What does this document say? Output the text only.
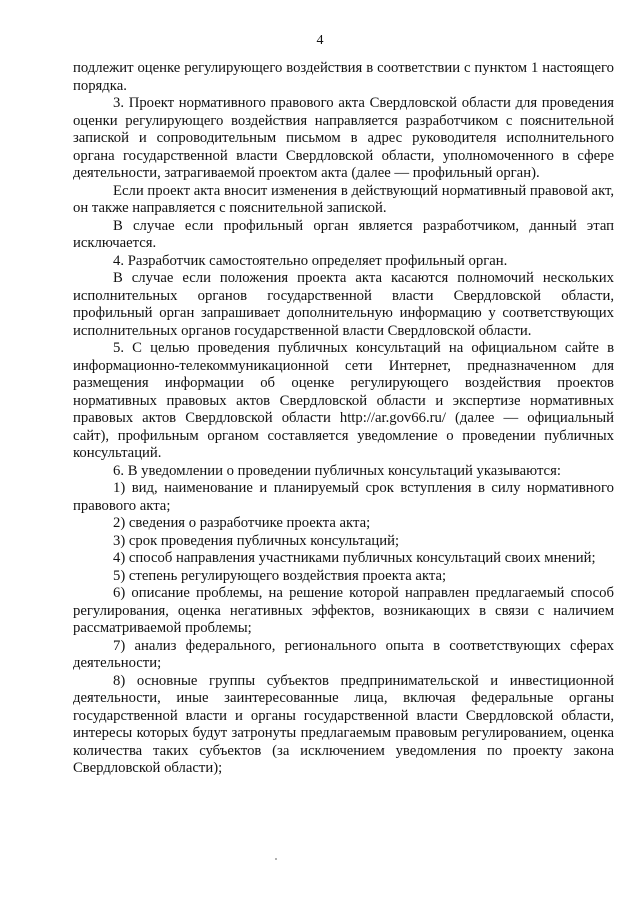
4

подлежит оценке регулирующего воздействия в соответствии с пунктом 1 настоящего порядка.

3. Проект нормативного правового акта Свердловской области для проведения оценки регулирующего воздействия направляется разработчиком с пояснительной запиской и сопроводительным письмом в адрес руководителя исполнительного органа государственной власти Свердловской области, уполномоченного в сфере деятельности, затрагиваемой проектом акта (далее — профильный орган).

Если проект акта вносит изменения в действующий нормативный правовой акт, он также направляется с пояснительной запиской.

В случае если профильный орган является разработчиком, данный этап исключается.

4. Разработчик самостоятельно определяет профильный орган.

В случае если положения проекта акта касаются полномочий нескольких исполнительных органов государственной власти Свердловской области, профильный орган запрашивает дополнительную информацию у соответствующих исполнительных органов государственной власти Свердловской области.

5. С целью проведения публичных консультаций на официальном сайте в информационно-телекоммуникационной сети Интернет, предназначенном для размещения информации об оценке регулирующего воздействия проектов нормативных правовых актов Свердловской области и экспертизе нормативных правовых актов Свердловской области http://ar.gov66.ru/ (далее — официальный сайт), профильным органом составляется уведомление о проведении публичных консультаций.

6. В уведомлении о проведении публичных консультаций указываются:

1) вид, наименование и планируемый срок вступления в силу нормативного правового акта;

2) сведения о разработчике проекта акта;

3) срок проведения публичных консультаций;

4) способ направления участниками публичных консультаций своих мнений;

5) степень регулирующего воздействия проекта акта;

6) описание проблемы, на решение которой направлен предлагаемый способ регулирования, оценка негативных эффектов, возникающих в связи с наличием рассматриваемой проблемы;

7) анализ федерального, регионального опыта в соответствующих сферах деятельности;

8) основные группы субъектов предпринимательской и инвестиционной деятельности, иные заинтересованные лица, включая федеральные органы государственной власти и органы государственной власти Свердловской области, интересы которых будут затронуты предлагаемым правовым регулированием, оценка количества таких субъектов (за исключением уведомления по проекту закона Свердловской области);
